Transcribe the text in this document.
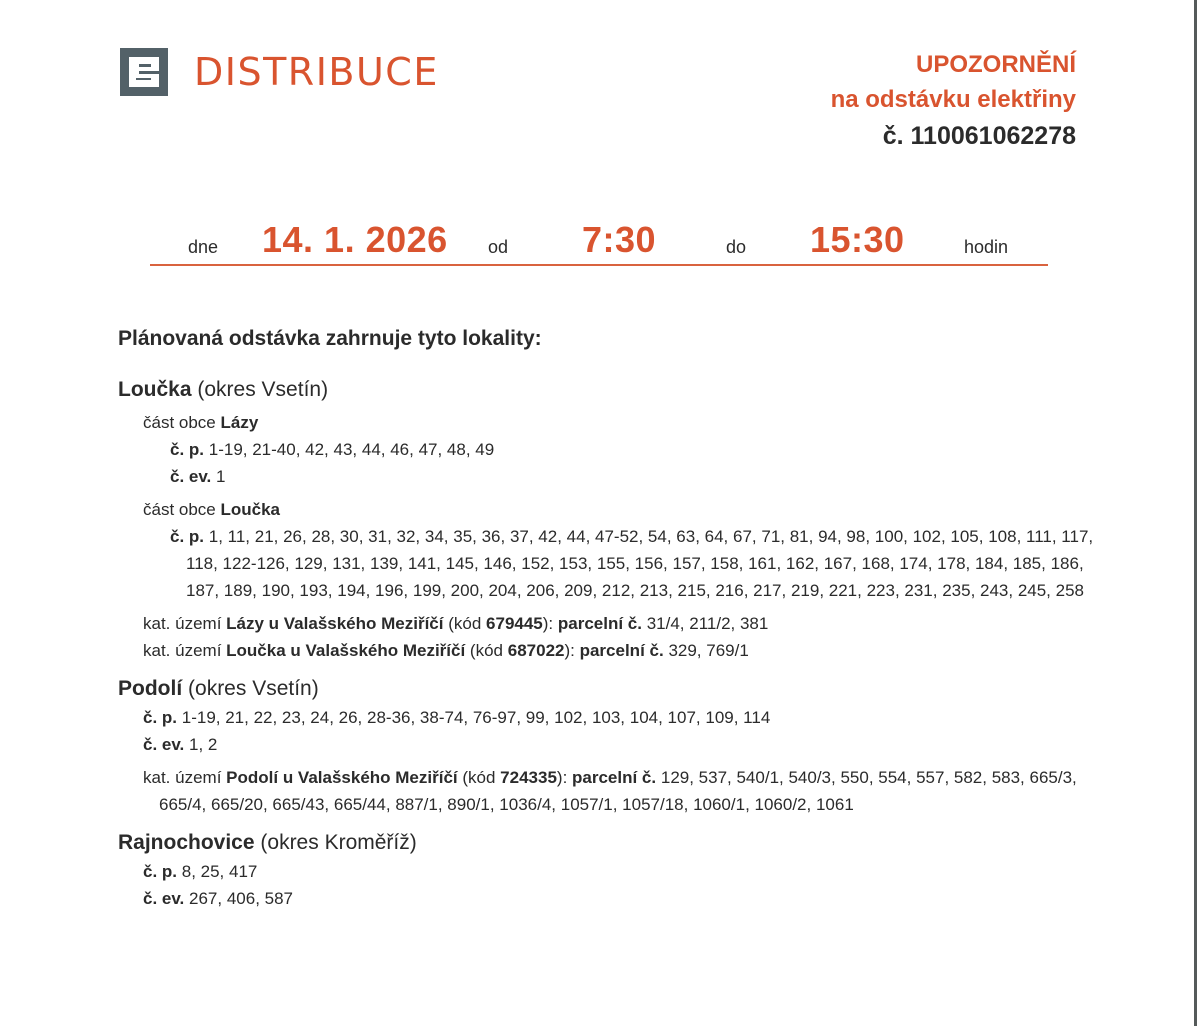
DISTRIBUCE	UPOZORNĚNÍ
na odstávku elektřiny
č. 110061062278
dne 14. 1. 2026 od 7:30	do 15:30	hodin
Plánovaná odstávka zahrnuje tyto lokality:
Loučka (okres Vsetín)
část obce Lázy
č. p. 1-19, 21-40, 42, 43, 44, 46, 47, 48, 49
č. ev. 1
část obce Loučka
č. p. 1, 11, 21, 26, 28, 30, 31, 32, 34, 35, 36, 37, 42, 44, 47-52, 54, 63, 64, 67, 71, 81, 94, 98, 100, 102, 105, 108, 111, 117, 118, 122-126, 129, 131, 139, 141, 145, 146, 152, 153, 155, 156, 157, 158, 161, 162, 167, 168, 174, 178, 184, 185, 186, 187, 189, 190, 193, 194, 196, 199, 200, 204, 206, 209, 212, 213, 215, 216, 217, 219, 221, 223, 231, 235, 243, 245, 258
kat. území Lázy u Valašského Meziříčí (kód 679445): parcelní č. 31/4, 211/2, 381
kat. území Loučka u Valašského Meziříčí (kód 687022): parcelní č. 329, 769/1
Podolí (okres Vsetín)
č. p. 1-19, 21, 22, 23, 24, 26, 28-36, 38-74, 76-97, 99, 102, 103, 104, 107, 109, 114
č. ev. 1, 2
kat. území Podolí u Valašského Meziříčí (kód 724335): parcelní č. 129, 537, 540/1, 540/3, 550, 554, 557, 582, 583, 665/3, 665/4, 665/20, 665/43, 665/44, 887/1, 890/1, 1036/4, 1057/1, 1057/18, 1060/1, 1060/2, 1061
Rajnochovice (okres Kroměříž)
č. p. 8, 25, 417
č. ev. 267, 406, 587
